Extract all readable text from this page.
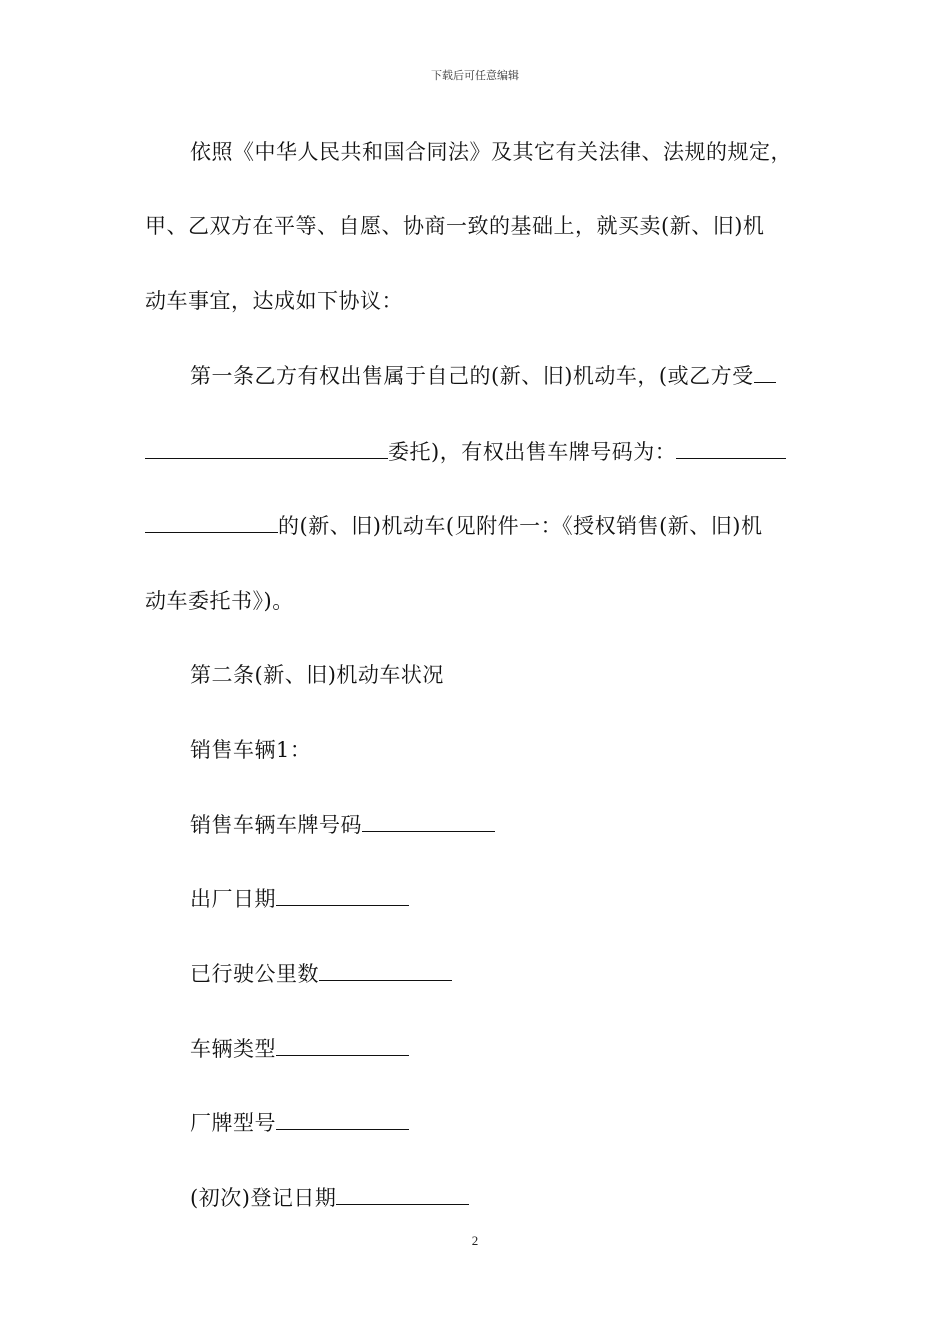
下载后可任意编辑
依照《中华人民共和国合同法》及其它有关法律、法规的规定，
甲、乙双方在平等、自愿、协商一致的基础上，就买卖(新、旧)机
动车事宜，达成如下协议：
第一条乙方有权出售属于自己的(新、旧)机动车，(或乙方受
委托)，有权出售车牌号码为：
的(新、旧)机动车(见附件一：《授权销售(新、旧)机
动车委托书》)。
第二条(新、旧)机动车状况
销售车辆1：
销售车辆车牌号码
出厂日期
已行驶公里数
车辆类型
厂牌型号
(初次)登记日期
2
